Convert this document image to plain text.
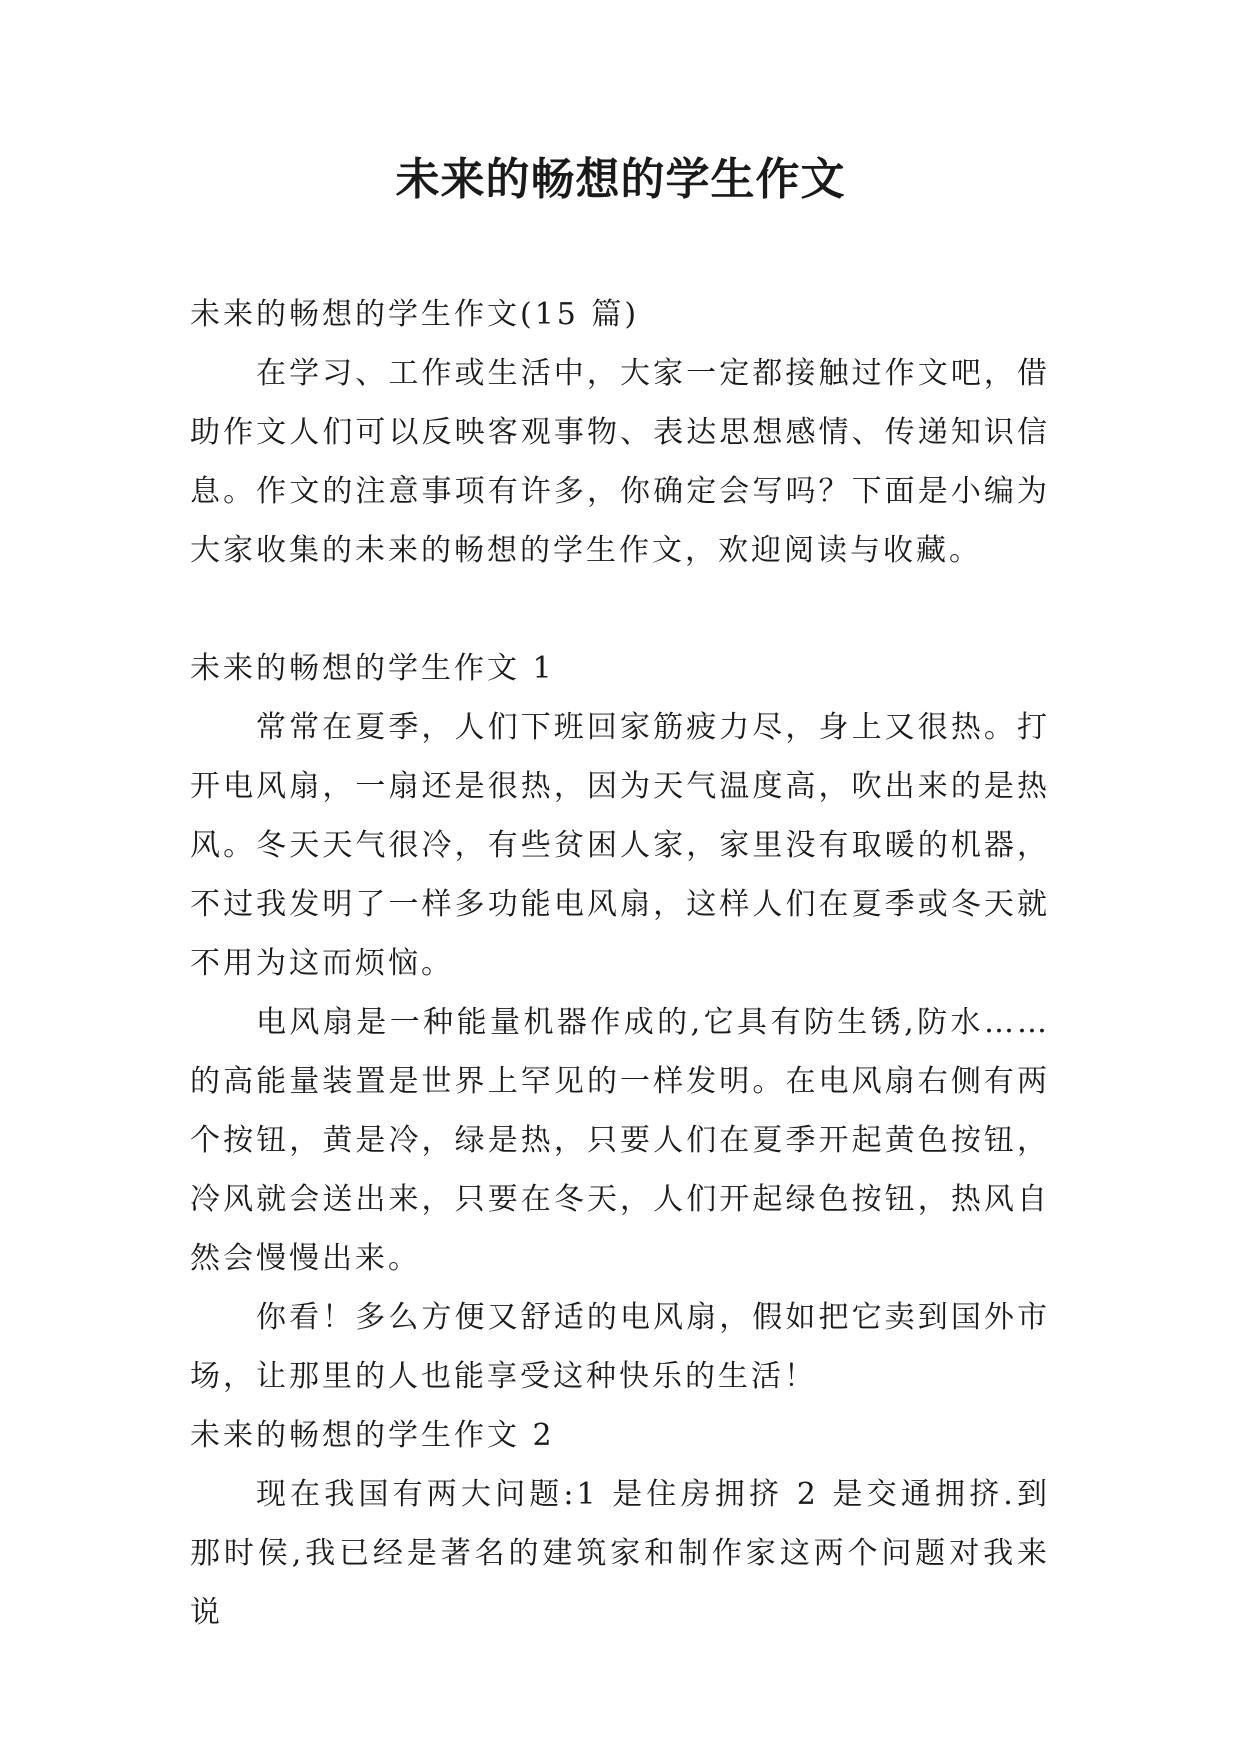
未来的畅想的学生作文

未来的畅想的学生作文(15 篇)

在学习、工作或生活中，大家一定都接触过作文吧，借助作文人们可以反映客观事物、表达思想感情、传递知识信息。作文的注意事项有许多，你确定会写吗？下面是小编为大家收集的未来的畅想的学生作文，欢迎阅读与收藏。

未来的畅想的学生作文 1

常常在夏季，人们下班回家筋疲力尽，身上又很热。打开电风扇，一扇还是很热，因为天气温度高，吹出来的是热风。冬天天气很冷，有些贫困人家，家里没有取暖的机器，不过我发明了一样多功能电风扇，这样人们在夏季或冬天就不用为这而烦恼。

电风扇是一种能量机器作成的,它具有防生锈,防水……的高能量装置是世界上罕见的一样发明。在电风扇右侧有两个按钮，黄是冷，绿是热，只要人们在夏季开起黄色按钮，冷风就会送出来，只要在冬天，人们开起绿色按钮，热风自然会慢慢出来。

你看！多么方便又舒适的电风扇，假如把它卖到国外市场，让那里的人也能享受这种快乐的生活！

未来的畅想的学生作文 2

现在我国有两大问题:1 是住房拥挤 2 是交通拥挤.到那时侯,我已经是著名的建筑家和制作家这两个问题对我来说
